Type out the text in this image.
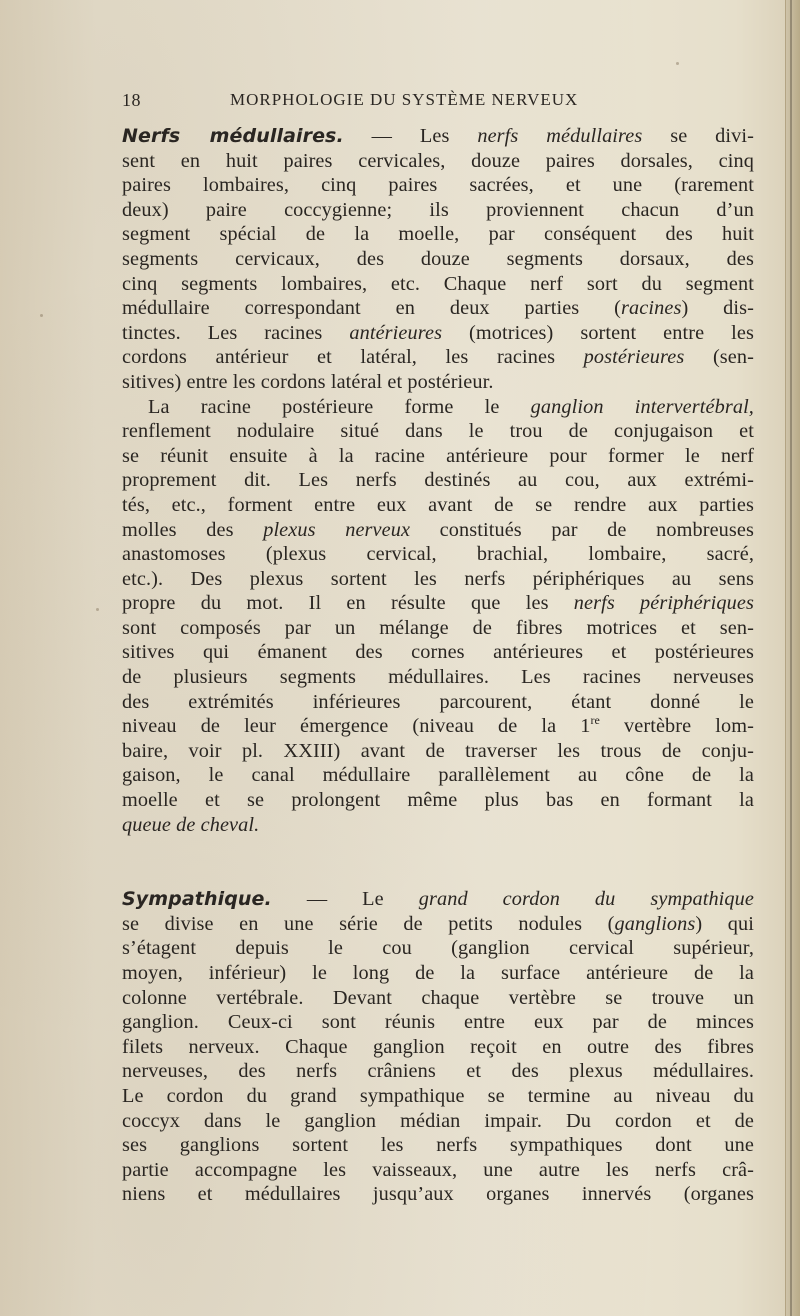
18	MORPHOLOGIE DU SYSTÈME NERVEUX
Nerfs médullaires. — Les nerfs médullaires se divi-
sent en huit paires cervicales, douze paires dorsales, cinq
paires lombaires, cinq paires sacrées, et une (rarement
deux) paire coccygienne; ils proviennent chacun d’un
segment spécial de la moelle, par conséquent des huit
segments cervicaux, des douze segments dorsaux, des
cinq segments lombaires, etc. Chaque nerf sort du segment
médullaire correspondant en deux parties (racines) dis-
tinctes. Les racines antérieures (motrices) sortent entre les
cordons antérieur et latéral, les racines postérieures (sen-
sitives) entre les cordons latéral et postérieur.
La racine postérieure forme le ganglion intervertébral,
renflement nodulaire situé dans le trou de conjugaison et
se réunit ensuite à la racine antérieure pour former le nerf
proprement dit. Les nerfs destinés au cou, aux extrémi-
tés, etc., forment entre eux avant de se rendre aux parties
molles des plexus nerveux constitués par de nombreuses
anastomoses (plexus cervical, brachial, lombaire, sacré,
etc.). Des plexus sortent les nerfs périphériques au sens
propre du mot. Il en résulte que les nerfs périphériques
sont composés par un mélange de fibres motrices et sen-
sitives qui émanent des cornes antérieures et postérieures
de plusieurs segments médullaires. Les racines nerveuses
des extrémités inférieures parcourent, étant donné le
niveau de leur émergence (niveau de la 1re vertèbre lom-
baire, voir pl. XXIII) avant de traverser les trous de conju-
gaison, le canal médullaire parallèlement au cône de la
moelle et se prolongent même plus bas en formant la
queue de cheval.
Sympathique. — Le grand cordon du sympathique
se divise en une série de petits nodules (ganglions) qui
s’étagent depuis le cou (ganglion cervical supérieur,
moyen, inférieur) le long de la surface antérieure de la
colonne vertébrale. Devant chaque vertèbre se trouve un
ganglion. Ceux-ci sont réunis entre eux par de minces
filets nerveux. Chaque ganglion reçoit en outre des fibres
nerveuses, des nerfs crâniens et des plexus médullaires.
Le cordon du grand sympathique se termine au niveau du
coccyx dans le ganglion médian impair. Du cordon et de
ses ganglions sortent les nerfs sympathiques dont une
partie accompagne les vaisseaux, une autre les nerfs crâ-
niens et médullaires jusqu’aux organes innervés (organes
